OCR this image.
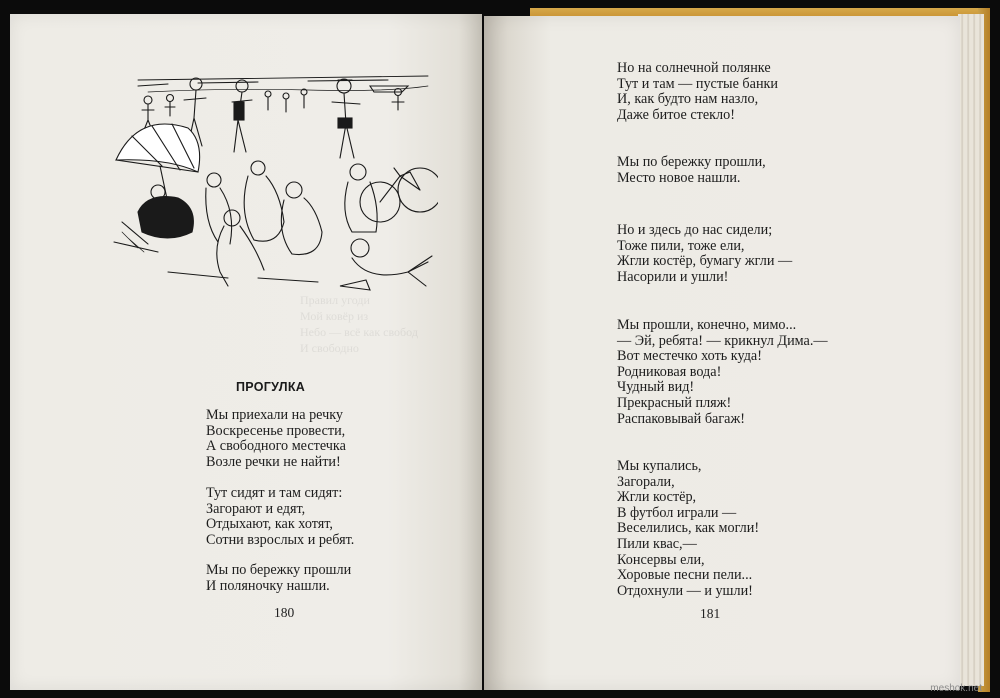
Правил угоди
Мой ковёр из
Небо — всё как свобод
И свободно
ПРОГУЛКА
Мы приехали на речку
Воскресенье провести,
А свободного местечка
Возле речки не найти!
Тут сидят и там сидят:
Загорают и едят,
Отдыхают, как хотят,
Сотни взрослых и ребят.
Мы по бережку прошли
И поляночку нашли.
180
Но на солнечной полянке
Тут и там — пустые банки
И, как будто нам назло,
Даже битое стекло!
Мы по бережку прошли,
Место новое нашли.
Но и здесь до нас сидели;
Тоже пили, тоже ели,
Жгли костёр, бумагу жгли —
Насорили и ушли!
Мы прошли, конечно, мимо...
— Эй, ребята! — крикнул Дима.—
Вот местечко хоть куда!
Родниковая вода!
Чудный вид!
Прекрасный пляж!
Распаковывай багаж!
Мы купались,
Загорали,
Жгли костёр,
В футбол играли —
Веселились, как могли!
Пили квас,—
Консервы ели,
Хоровые песни пели...
Отдохнули — и ушли!
181
meshok.net
